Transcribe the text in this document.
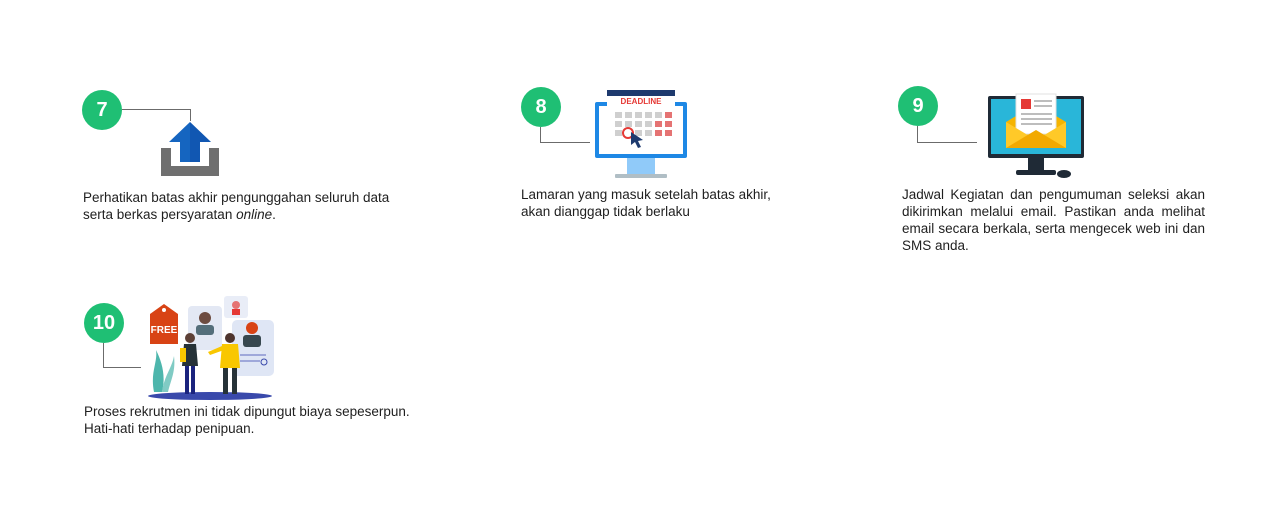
7
Perhatikan batas akhir pengunggahan seluruh data serta berkas persyaratan online.
8	DEADLINE
Lamaran yang masuk setelah batas akhir, akan dianggap tidak berlaku
9
Jadwal Kegiatan dan pengumuman seleksi akan dikirimkan melalui email. Pastikan anda melihat email secara berkala, serta mengecek web ini dan SMS anda.
10	FREE
Proses rekrutmen ini tidak dipungut biaya sepeserpun.
Hati-hati terhadap penipuan.
